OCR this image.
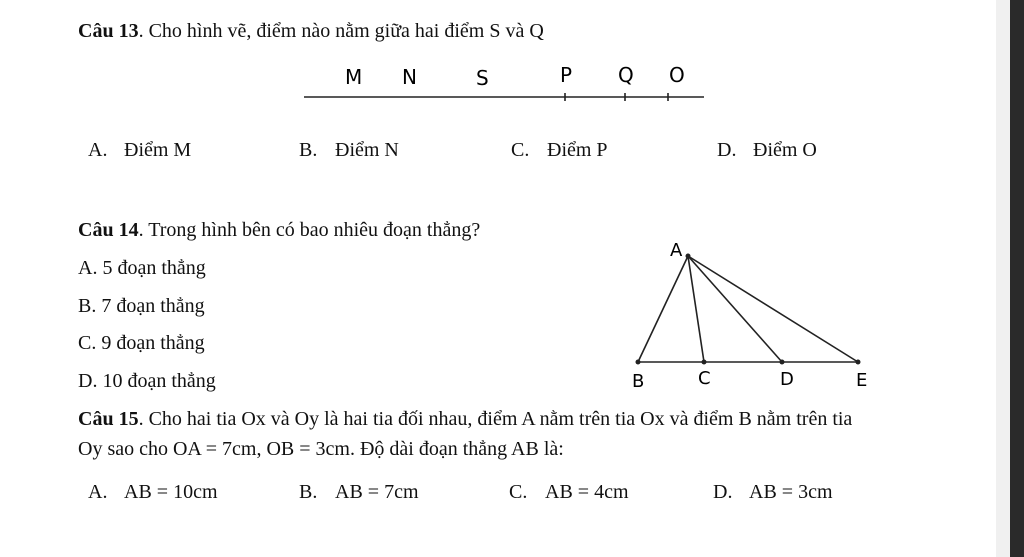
Câu 13. Cho hình vẽ, điểm nào nằm giữa hai điểm S và Q
M N	S	P Q O
A. Điểm M	B. Điểm N	C. Điểm P	D. Điểm O
Câu 14. Trong hình bên có bao nhiêu đoạn thẳng?
A. 5 đoạn thẳng
B. 7 đoạn thẳng
C. 9 đoạn thẳng
D. 10 đoạn thẳng
A
B	C	D	E
Câu 15. Cho hai tia Ox và Oy là hai tia đối nhau, điểm A nằm trên tia Ox và điểm B nằm trên tia
Oy sao cho OA = 7cm, OB = 3cm. Độ dài đoạn thẳng AB là:
A. AB = 10cm	B. AB = 7cm	C. AB = 4cm	D. AB = 3cm
